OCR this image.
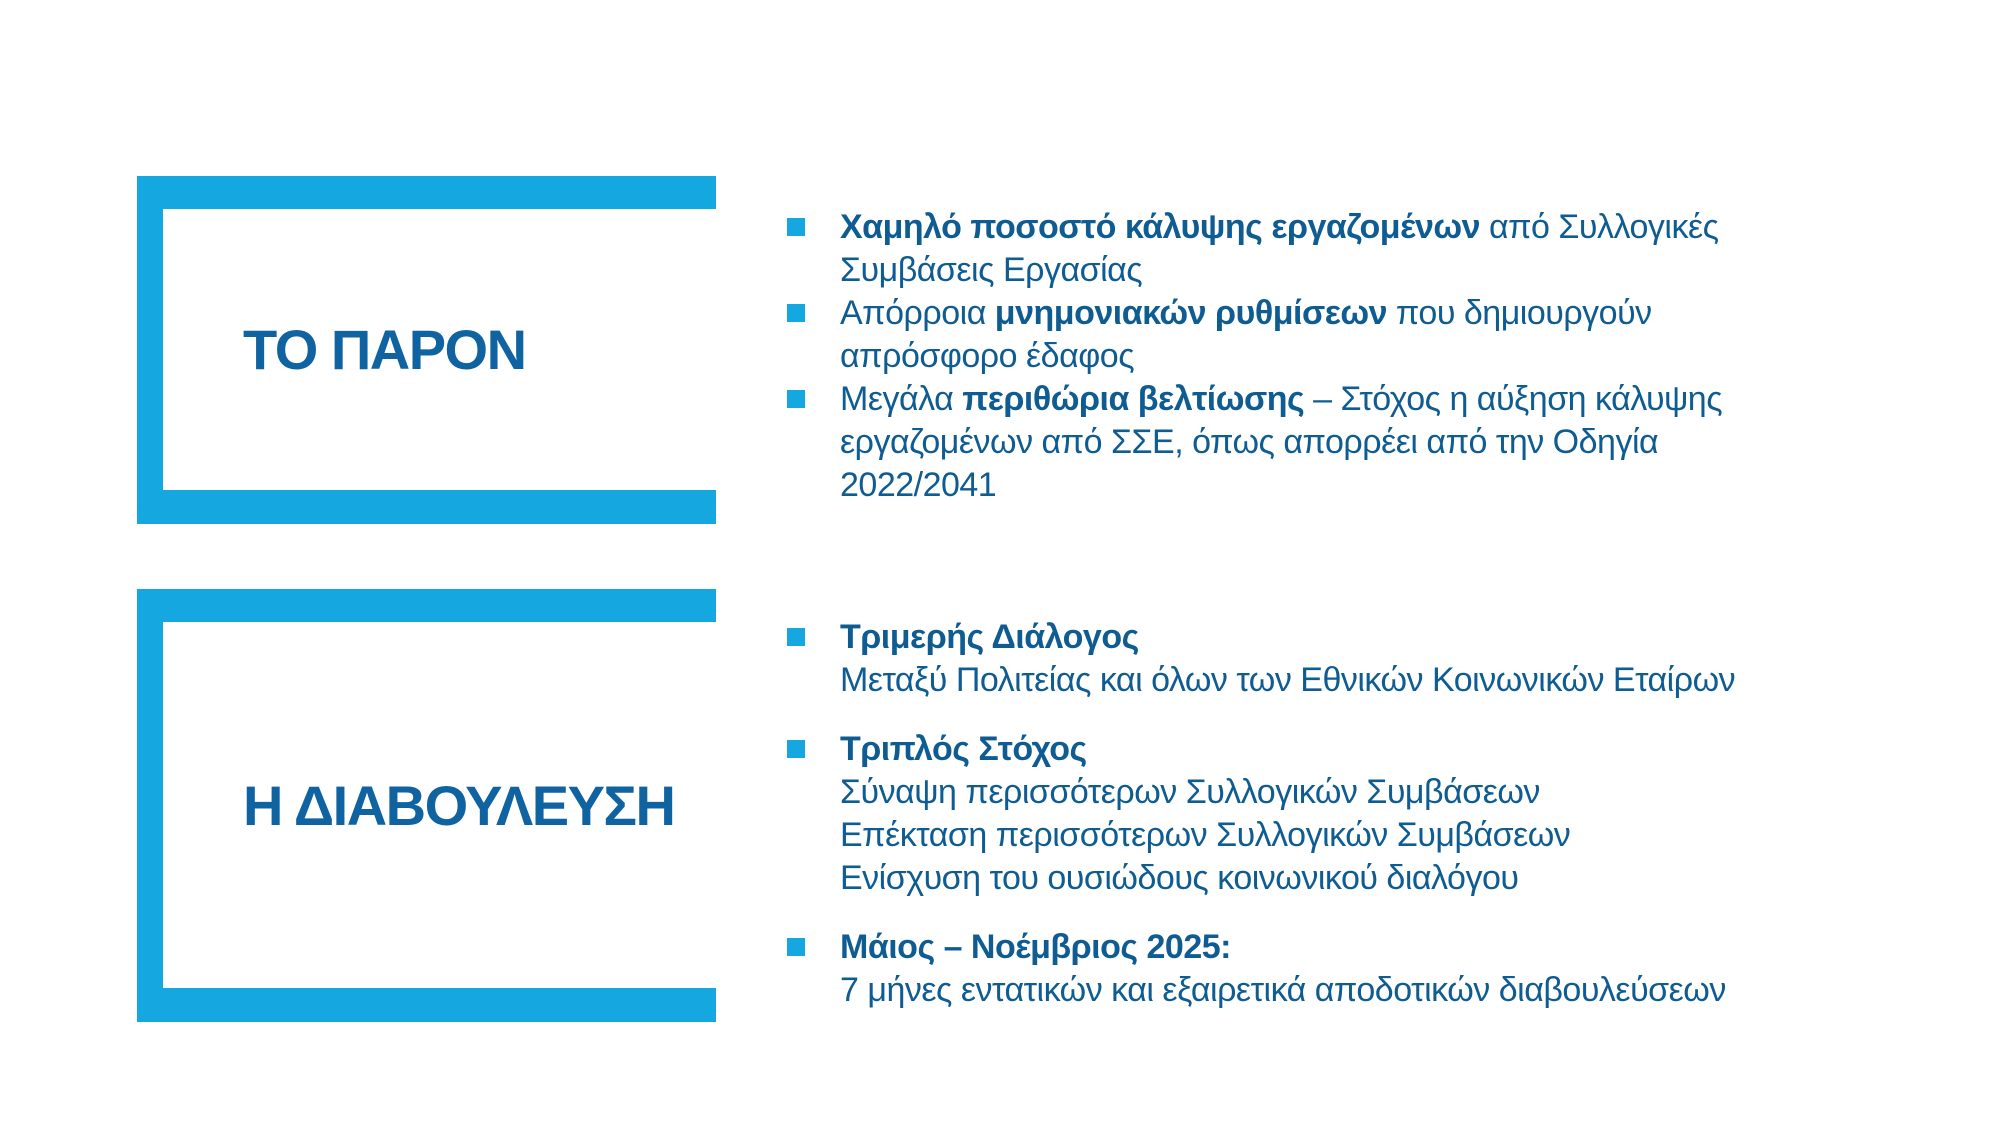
ΤΟ ΠΑΡΟΝ
Η ΔΙΑΒΟΥΛΕΥΣΗ
Χαμηλό ποσοστό κάλυψης εργαζομένων από Συλλογικές
Συμβάσεις Εργασίας
Απόρροια μνημονιακών ρυθμίσεων που δημιουργούν
απρόσφορο έδαφος
Μεγάλα περιθώρια βελτίωσης – Στόχος η αύξηση κάλυψης
εργαζομένων από ΣΣΕ, όπως απορρέει από την Οδηγία
2022/2041
Τριμερής Διάλογος
Μεταξύ Πολιτείας και όλων των Εθνικών Κοινωνικών Εταίρων
Τριπλός Στόχος
Σύναψη περισσότερων Συλλογικών Συμβάσεων
Επέκταση περισσότερων Συλλογικών Συμβάσεων
Ενίσχυση του ουσιώδους κοινωνικού διαλόγου
Μάιος – Νοέμβριος 2025:
7 μήνες εντατικών και εξαιρετικά αποδοτικών διαβουλεύσεων
